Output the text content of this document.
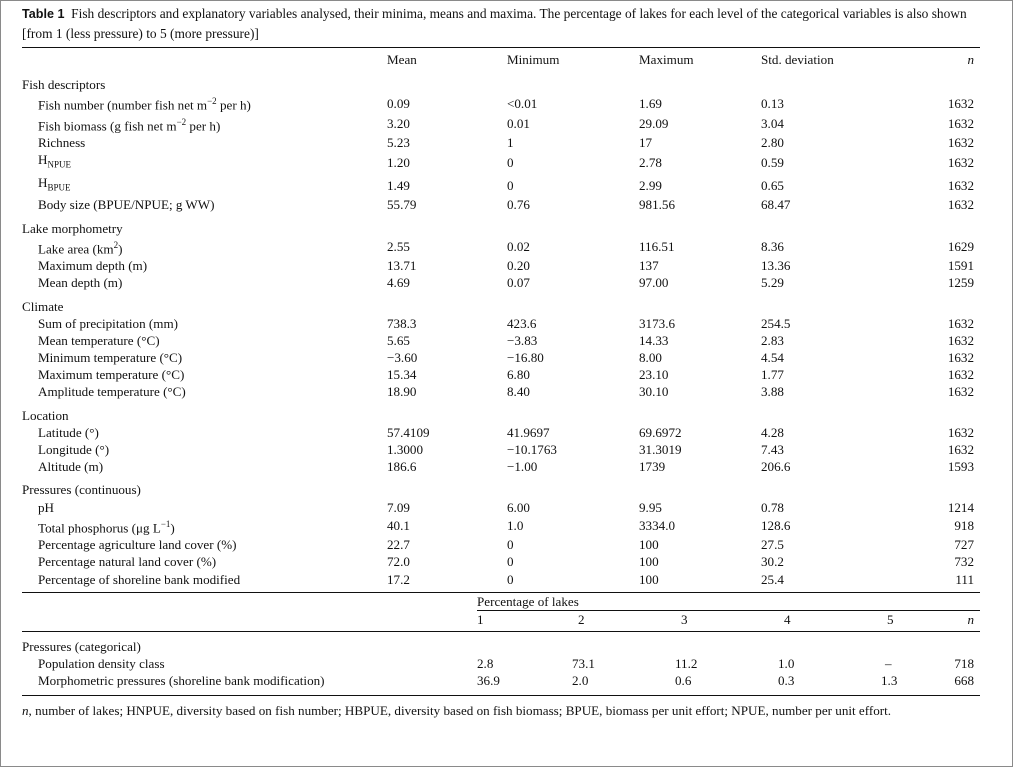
Table 1 Fish descriptors and explanatory variables analysed, their minima, means and maxima. The percentage of lakes for each level of the categorical variables is also shown [from 1 (less pressure) to 5 (more pressure)]

	Mean	Minimum	Maximum	Std. deviation	n
Fish descriptors					
Fish number (number fish net $m^{-2}$ per h)	0.09	<0.01	1.69	0.13	1632
Fish biomass (g fish net $m^{-2}$ per h)	3.20	0.01	29.09	3.04	1632
Richness	5.23	1	17	2.80	1632
$H_{NPUE}$	1.20	0	2.78	0.59	1632
$H_{BPUE}$	1.49	0	2.99	0.65	1632
Body size (BPUE/NPUE; g WW)	55.79	0.76	981.56	68.47	1632
Lake morphometry					
Lake area $(km^2)$	2.55	0.02	116.51	8.36	1629
Maximum depth (m)	13.71	0.20	137	13.36	1591
Mean depth (m)	4.69	0.07	97.00	5.29	1259
Climate					
Sum of precipitation (mm)	738.3	423.6	3173.6	254.5	1632
Mean temperature (°C)	5.65	−3.83	14.33	2.83	1632
Minimum temperature (°C)	−3.60	−16.80	8.00	4.54	1632
Maximum temperature (°C)	15.34	6.80	23.10	1.77	1632
Amplitude temperature (°C)	18.90	8.40	30.10	3.88	1632
Location					
Latitude (°)	57.4109	41.9697	69.6972	4.28	1632
Longitude (°)	1.3000	−10.1763	31.3019	7.43	1632
Altitude (m)	186.6	−1.00	1739	206.6	1593
Pressures (continuous)					
pH	7.09	6.00	9.95	0.78	1214
Total phosphorus (μg $L^{-1}$)	40.1	1.0	3334.0	128.6	918
Percentage agriculture land cover (%)	22.7	0	100	27.5	727
Percentage natural land cover (%)	72.0	0	100	30.2	732
Percentage of shoreline bank modified	17.2	0	100	25.4	111
	Percentage of lakes	
	1	2	3	4	5	n
Pressures (categorical)						
Population density class	2.8	73.1	11.2	1.0	–	718
Morphometric pressures (shoreline bank modification)	36.9	2.0	0.6	0.3	1.3	668

n, number of lakes; HNPUE, diversity based on fish number; HBPUE, diversity based on fish biomass; BPUE, biomass per unit effort; NPUE, number per unit effort.
